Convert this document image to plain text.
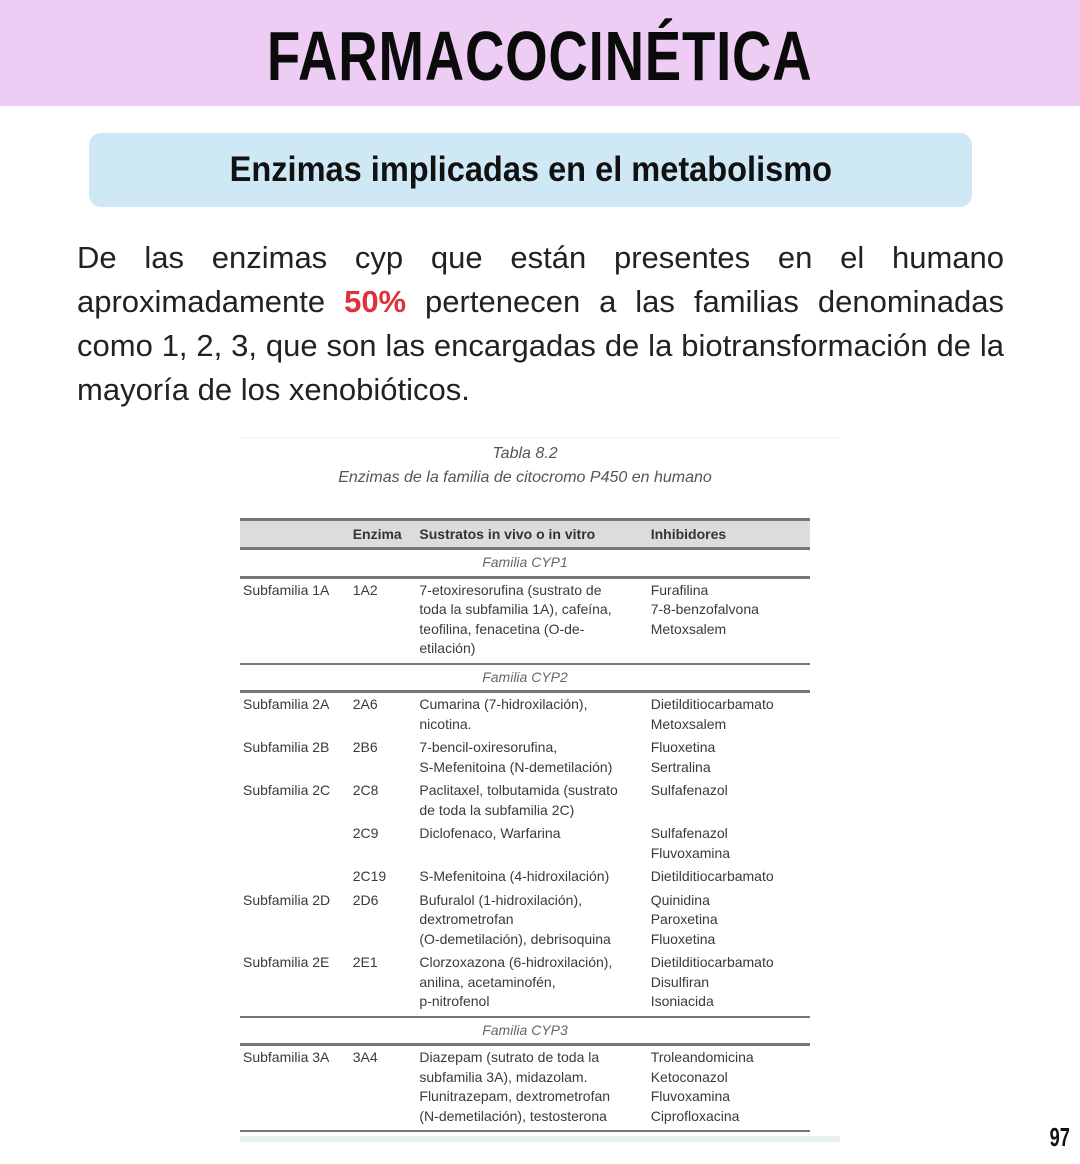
FARMACOCINÉTICA
Enzimas implicadas en el metabolismo

De las enzimas cyp que están presentes en el humano aproximadamente 50% pertenecen a las familias denominadas como 1, 2, 3, que son las encargadas de la biotransformación de la mayoría de los xenobióticos.

Tabla 8.2
Enzimas de la familia de citocromo P450 en humano
	Enzima	Sustratos in vivo o in vitro	Inhibidores
Familia CYP1			
Subfamilia 1A	1A2	7-etoxiresorufina (sustrato de
toda la subfamilia 1A), cafeína,
teofilina, fenacetina (O-de-
etilación)	Furafilina
7-8-benzofalvona
Metoxsalem

Familia CYP2			
Subfamilia 2A	2A6	Cumarina (7-hidroxilación),
nicotina.	Dietilditiocarbamato
Metoxsalem

Subfamilia 2B	2B6	7-bencil-oxiresorufina,
S-Mefenitoina (N-demetilación)	Fluoxetina
Sertralina

Subfamilia 2C	2C8	Paclitaxel, tolbutamida (sustrato
de toda la subfamilia 2C)	Sulfafenazol

	2C9	Diclofenaco, Warfarina	Sulfafenazol
Fluvoxamina

	2C19	S-Mefenitoina (4-hidroxilación)	Dietilditiocarbamato

Subfamilia 2D	2D6	Bufuralol (1-hidroxilación),
dextrometrofan
(O-demetilación), debrisoquina	Quinidina
Paroxetina
Fluoxetina

Subfamilia 2E	2E1	Clorzoxazona (6-hidroxilación),
anilina, acetaminofén,
p-nitrofenol	Dietilditiocarbamato
Disulfiran
Isoniacida

Familia CYP3			
Subfamilia 3A	3A4	Diazepam (sutrato de toda la
subfamilia 3A), midazolam.
Flunitrazepam, dextrometrofan
(N-demetilación), testosterona	Troleandomicina
Ketoconazol
Fluvoxamina
Ciprofloxacina
97
